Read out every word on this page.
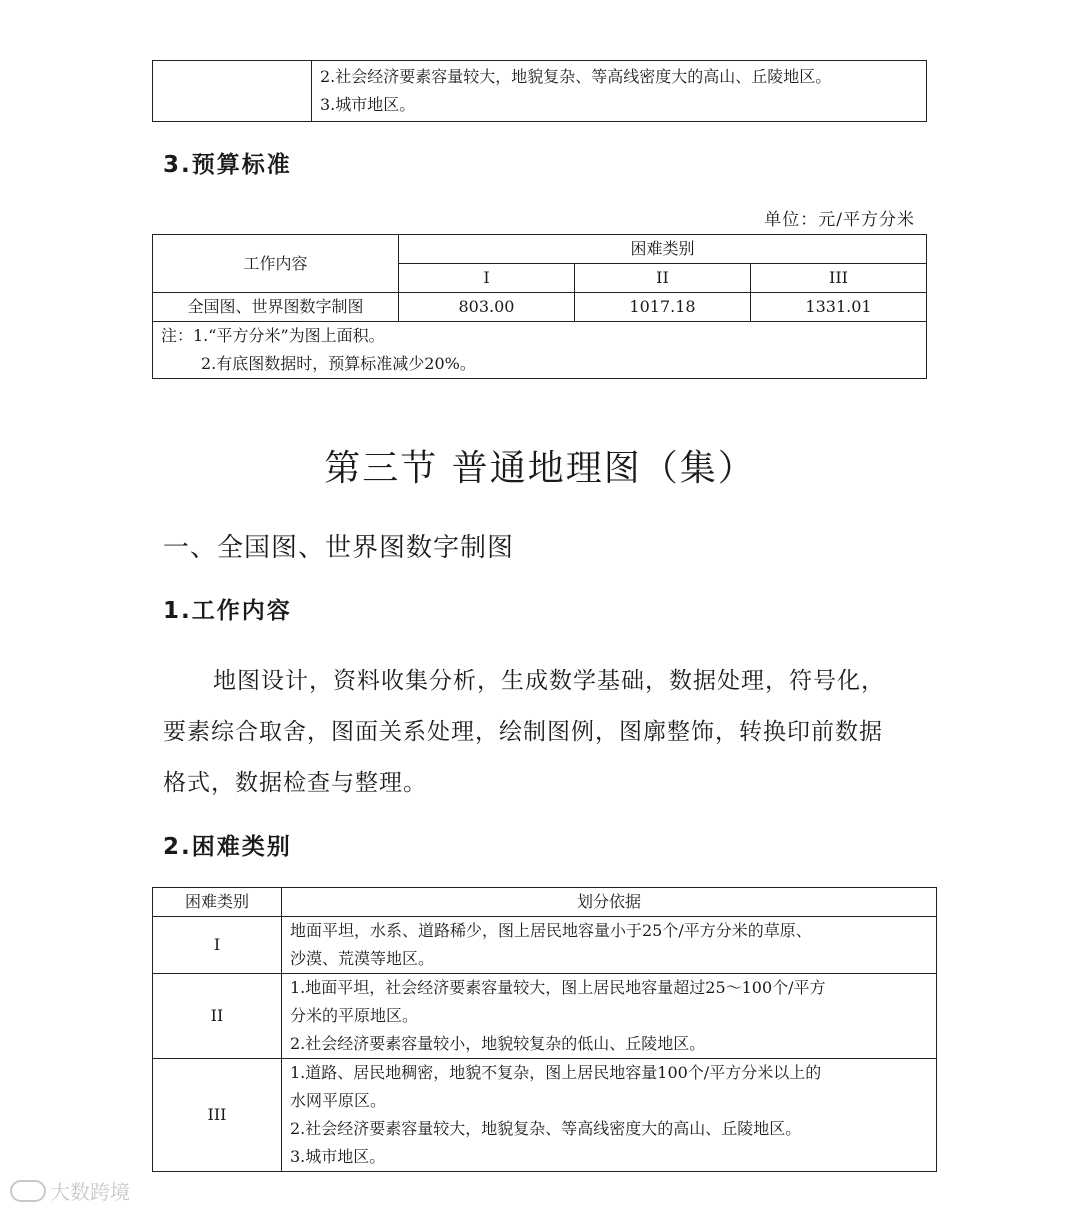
2.社会经济要素容量较大，地貌复杂、等高线密度大的高山、丘陵地区。
3.城市地区。
3.预算标准
单位：元/平方分米
工作内容	困难类别		
	I	II	III
全国图、世界图数字制图	803.00	1017.18	1331.01

注：1.“平方分米”为图上面积。
2.有底图数据时，预算标准减少20%。			
第三节 普通地理图（集）
一、全国图、世界图数字制图
1.工作内容
地图设计，资料收集分析，生成数学基础，数据处理，符号化，
要素综合取舍，图面关系处理，绘制图例，图廓整饰，转换印前数据
格式，数据检查与整理。
2.困难类别
困难类别	划分依据
I	地面平坦，水系、道路稀少，图上居民地容量小于25个/平方分米的草原、
沙漠、荒漠等地区。

II	1.地面平坦，社会经济要素容量较大，图上居民地容量超过25～100个/平方
分米的平原地区。
2.社会经济要素容量较小，地貌较复杂的低山、丘陵地区。

III	1.道路、居民地稠密，地貌不复杂，图上居民地容量100个/平方分米以上的
水网平原区。
2.社会经济要素容量较大，地貌复杂、等高线密度大的高山、丘陵地区。
3.城市地区。
大数跨境
